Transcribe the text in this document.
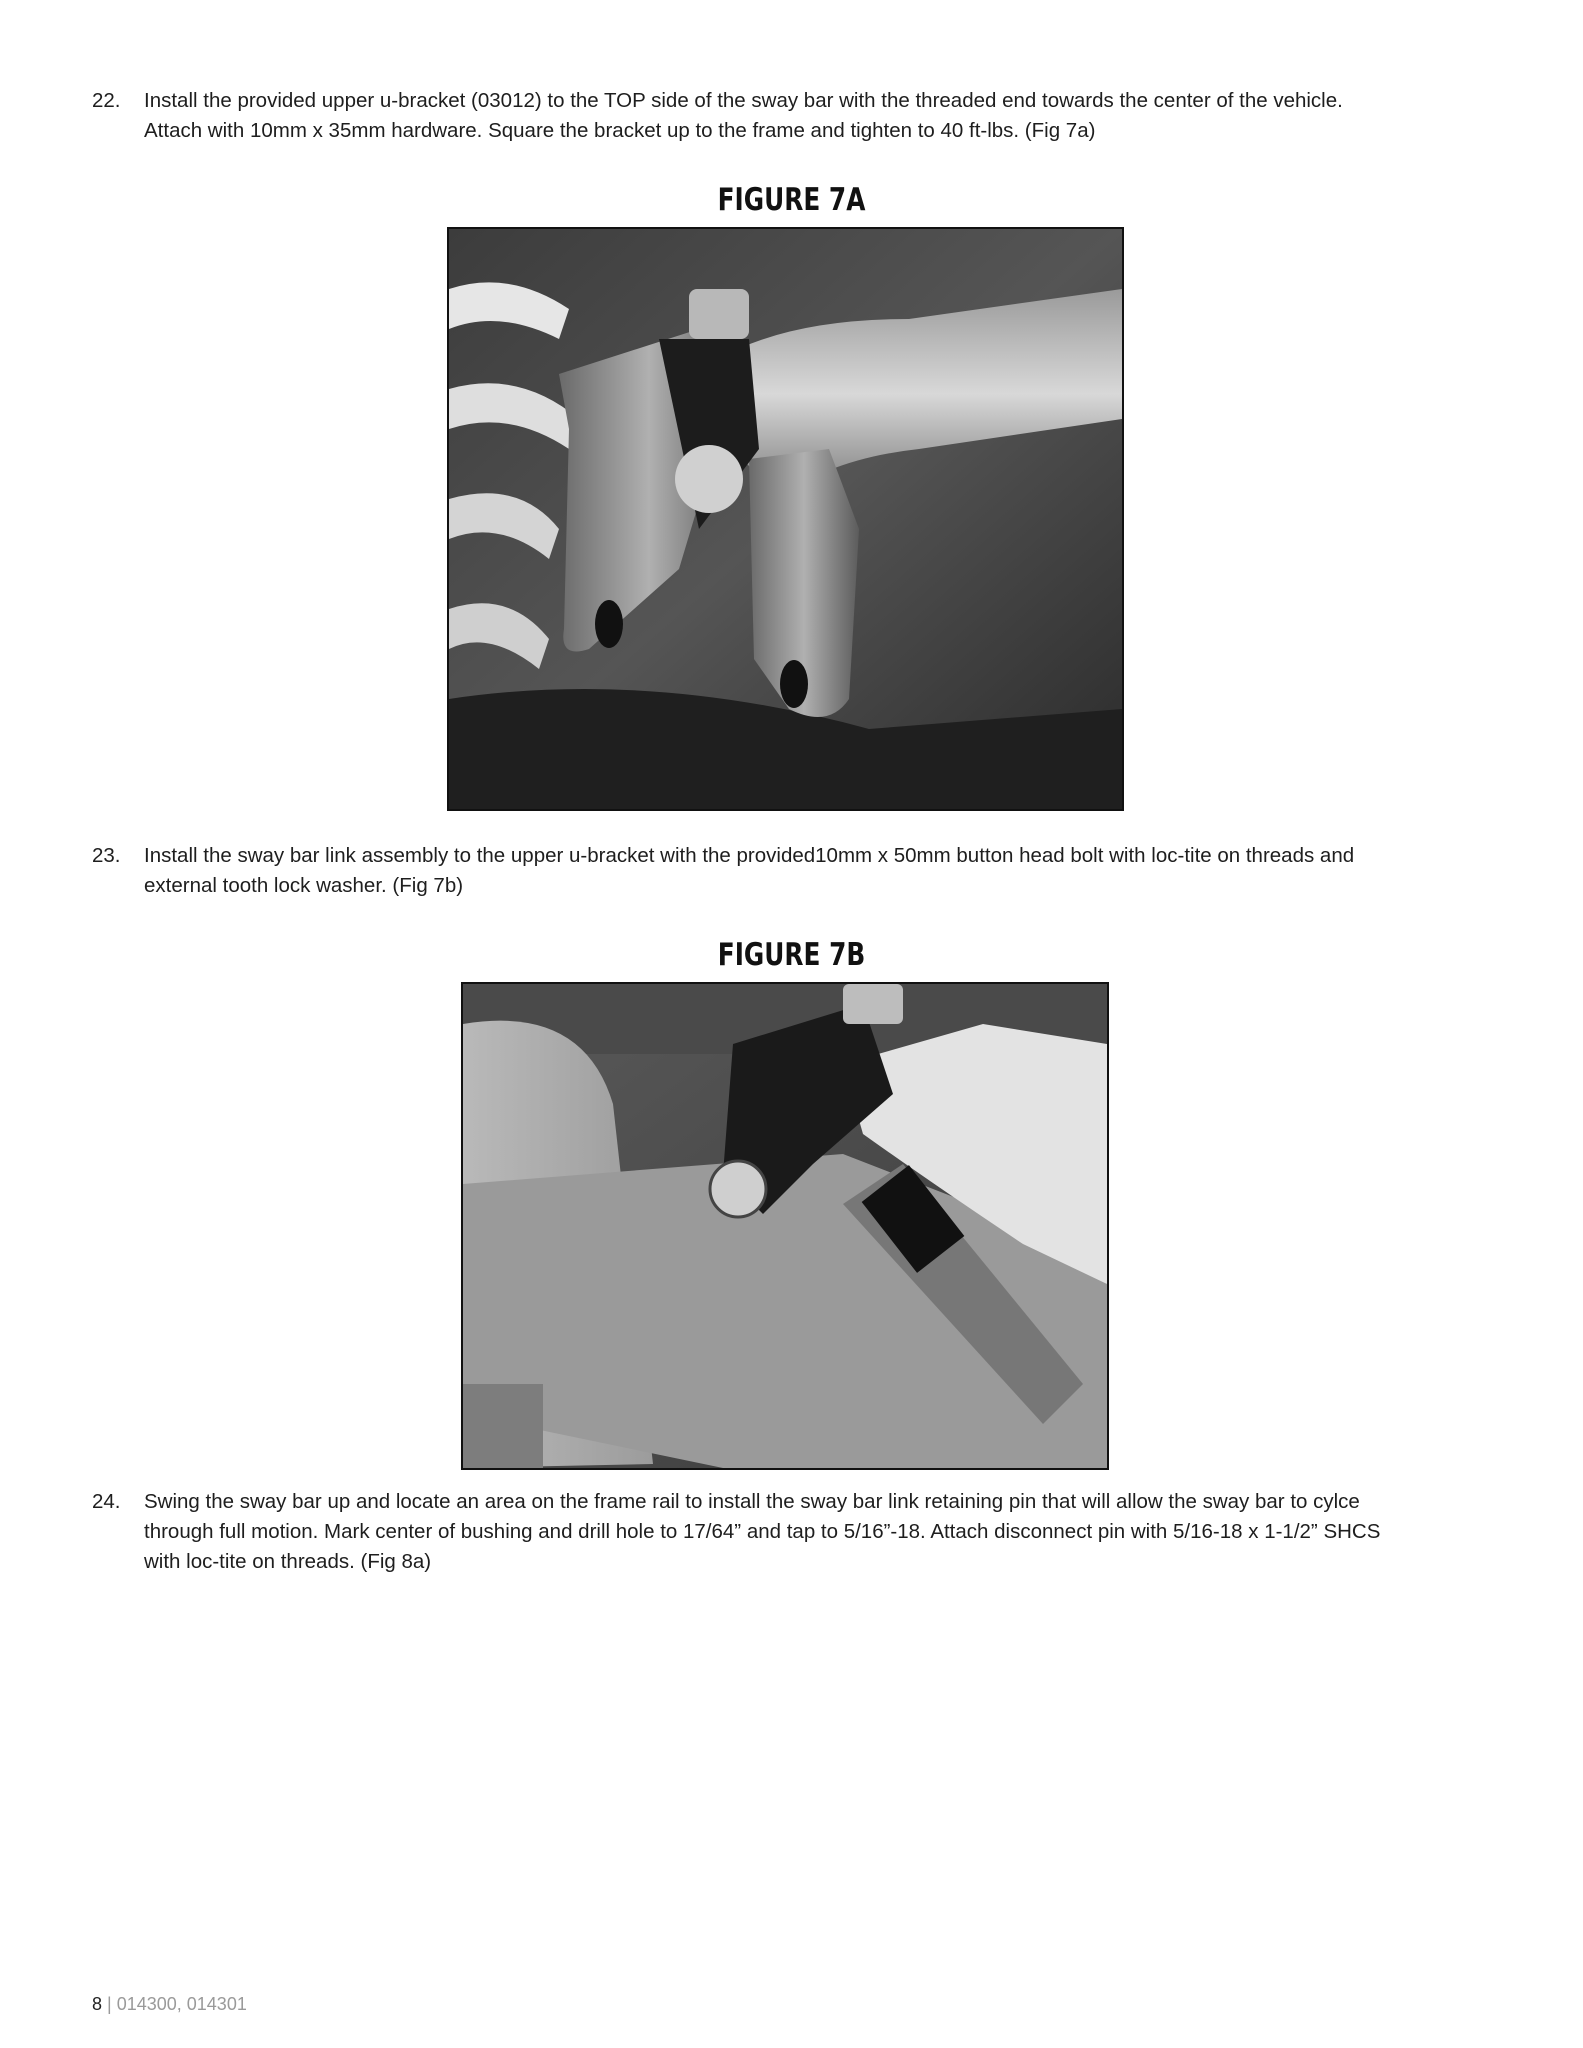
22. Install the provided upper u-bracket (03012) to the TOP side of the sway bar with the threaded end towards the center of the vehicle.
Attach with 10mm x 35mm hardware. Square the bracket up to the frame and tighten to 40 ft-lbs. (Fig 7a)
FIGURE 7A
23. Install the sway bar link assembly to the upper u-bracket with the provided10mm x 50mm button head bolt with loc-tite on threads and
external tooth lock washer. (Fig 7b)
FIGURE 7B
24. Swing the sway bar up and locate an area on the frame rail to install the sway bar link retaining pin that will allow the sway bar to cylce
through full motion. Mark center of bushing and drill hole to 17/64” and tap to 5/16”-18. Attach disconnect pin with 5/16-18 x 1-1/2” SHCS
with loc-tite on threads. (Fig 8a)
8 | 014300, 014301
